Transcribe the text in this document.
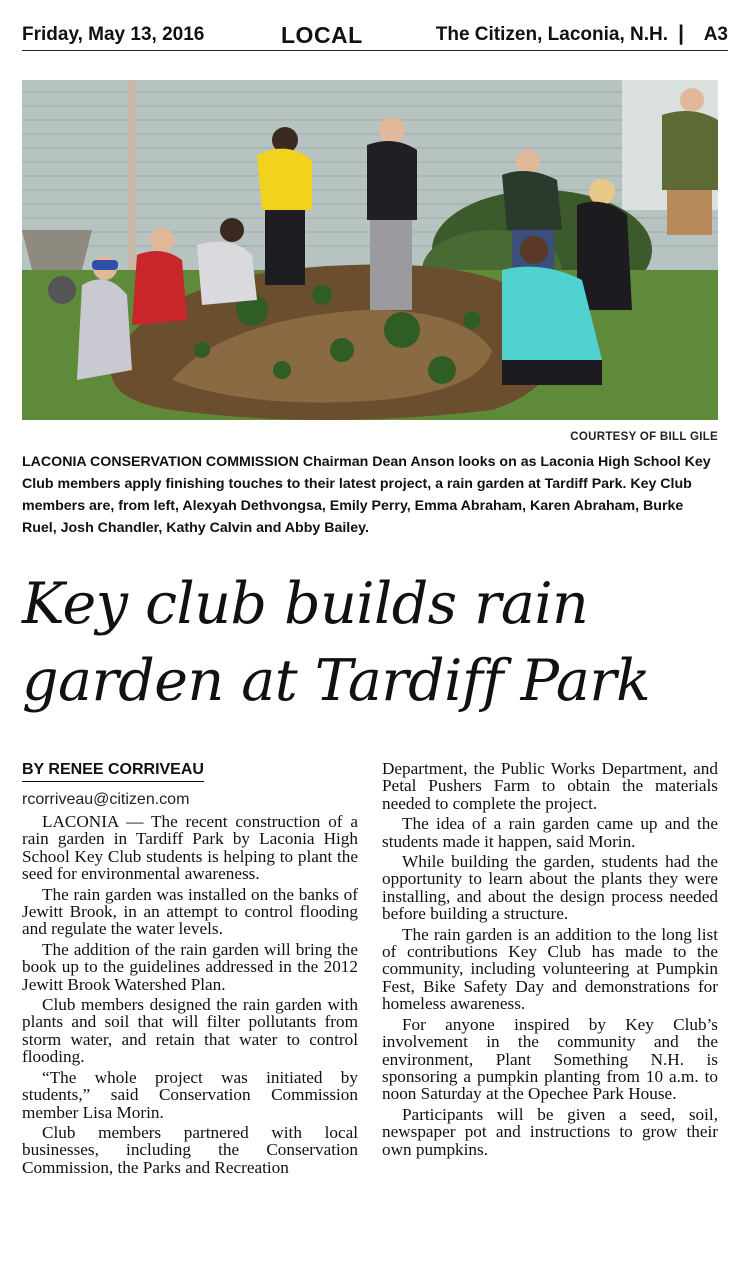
Friday, May 13, 2016	LOCAL	The Citizen, Laconia, N.H. | A3
COURTESY OF BILL GILE
LACONIA CONSERVATION COMMISSION Chairman Dean Anson looks on as Laconia High School Key Club members apply finishing touches to their latest project, a rain garden at Tardiff Park. Key Club members are, from left, Alexyah Dethvongsa, Emily Perry, Emma Abraham, Karen Abraham, Burke Ruel, Josh Chandler, Kathy Calvin and Abby Bailey.
Key club builds rain garden at Tardiff Park
BY RENEE CORRIVEAU
rcorriveau@citizen.com

LACONIA — The recent construction of a rain garden in Tardiff Park by Laconia High School Key Club students is helping to plant the seed for environmental awareness.

The rain garden was installed on the banks of Jewitt Brook, in an attempt to control flooding and regulate the water levels.

The addition of the rain garden will bring the book up to the guidelines addressed in the 2012 Jewitt Brook Watershed Plan.

Club members designed the rain garden with plants and soil that will filter pollutants from storm water, and retain that water to control flooding.

“The whole project was initiated by students,” said Conservation Commission member Lisa Morin.

Club members partnered with local businesses, including the Conservation Commission, the Parks and Recreation

Department, the Public Works Department, and Petal Pushers Farm to obtain the materials needed to complete the project.

The idea of a rain garden came up and the students made it happen, said Morin.

While building the garden, students had the opportunity to learn about the plants they were installing, and about the design process needed before building a structure.

The rain garden is an addition to the long list of contributions Key Club has made to the community, including volunteering at Pumpkin Fest, Bike Safety Day and demonstrations for homeless awareness.

For anyone inspired by Key Club’s involvement in the community and the environment, Plant Something N.H. is sponsoring a pumpkin planting from 10 a.m. to noon Saturday at the Opechee Park House.

Participants will be given a seed, soil, newspaper pot and instructions to grow their own pumpkins.
